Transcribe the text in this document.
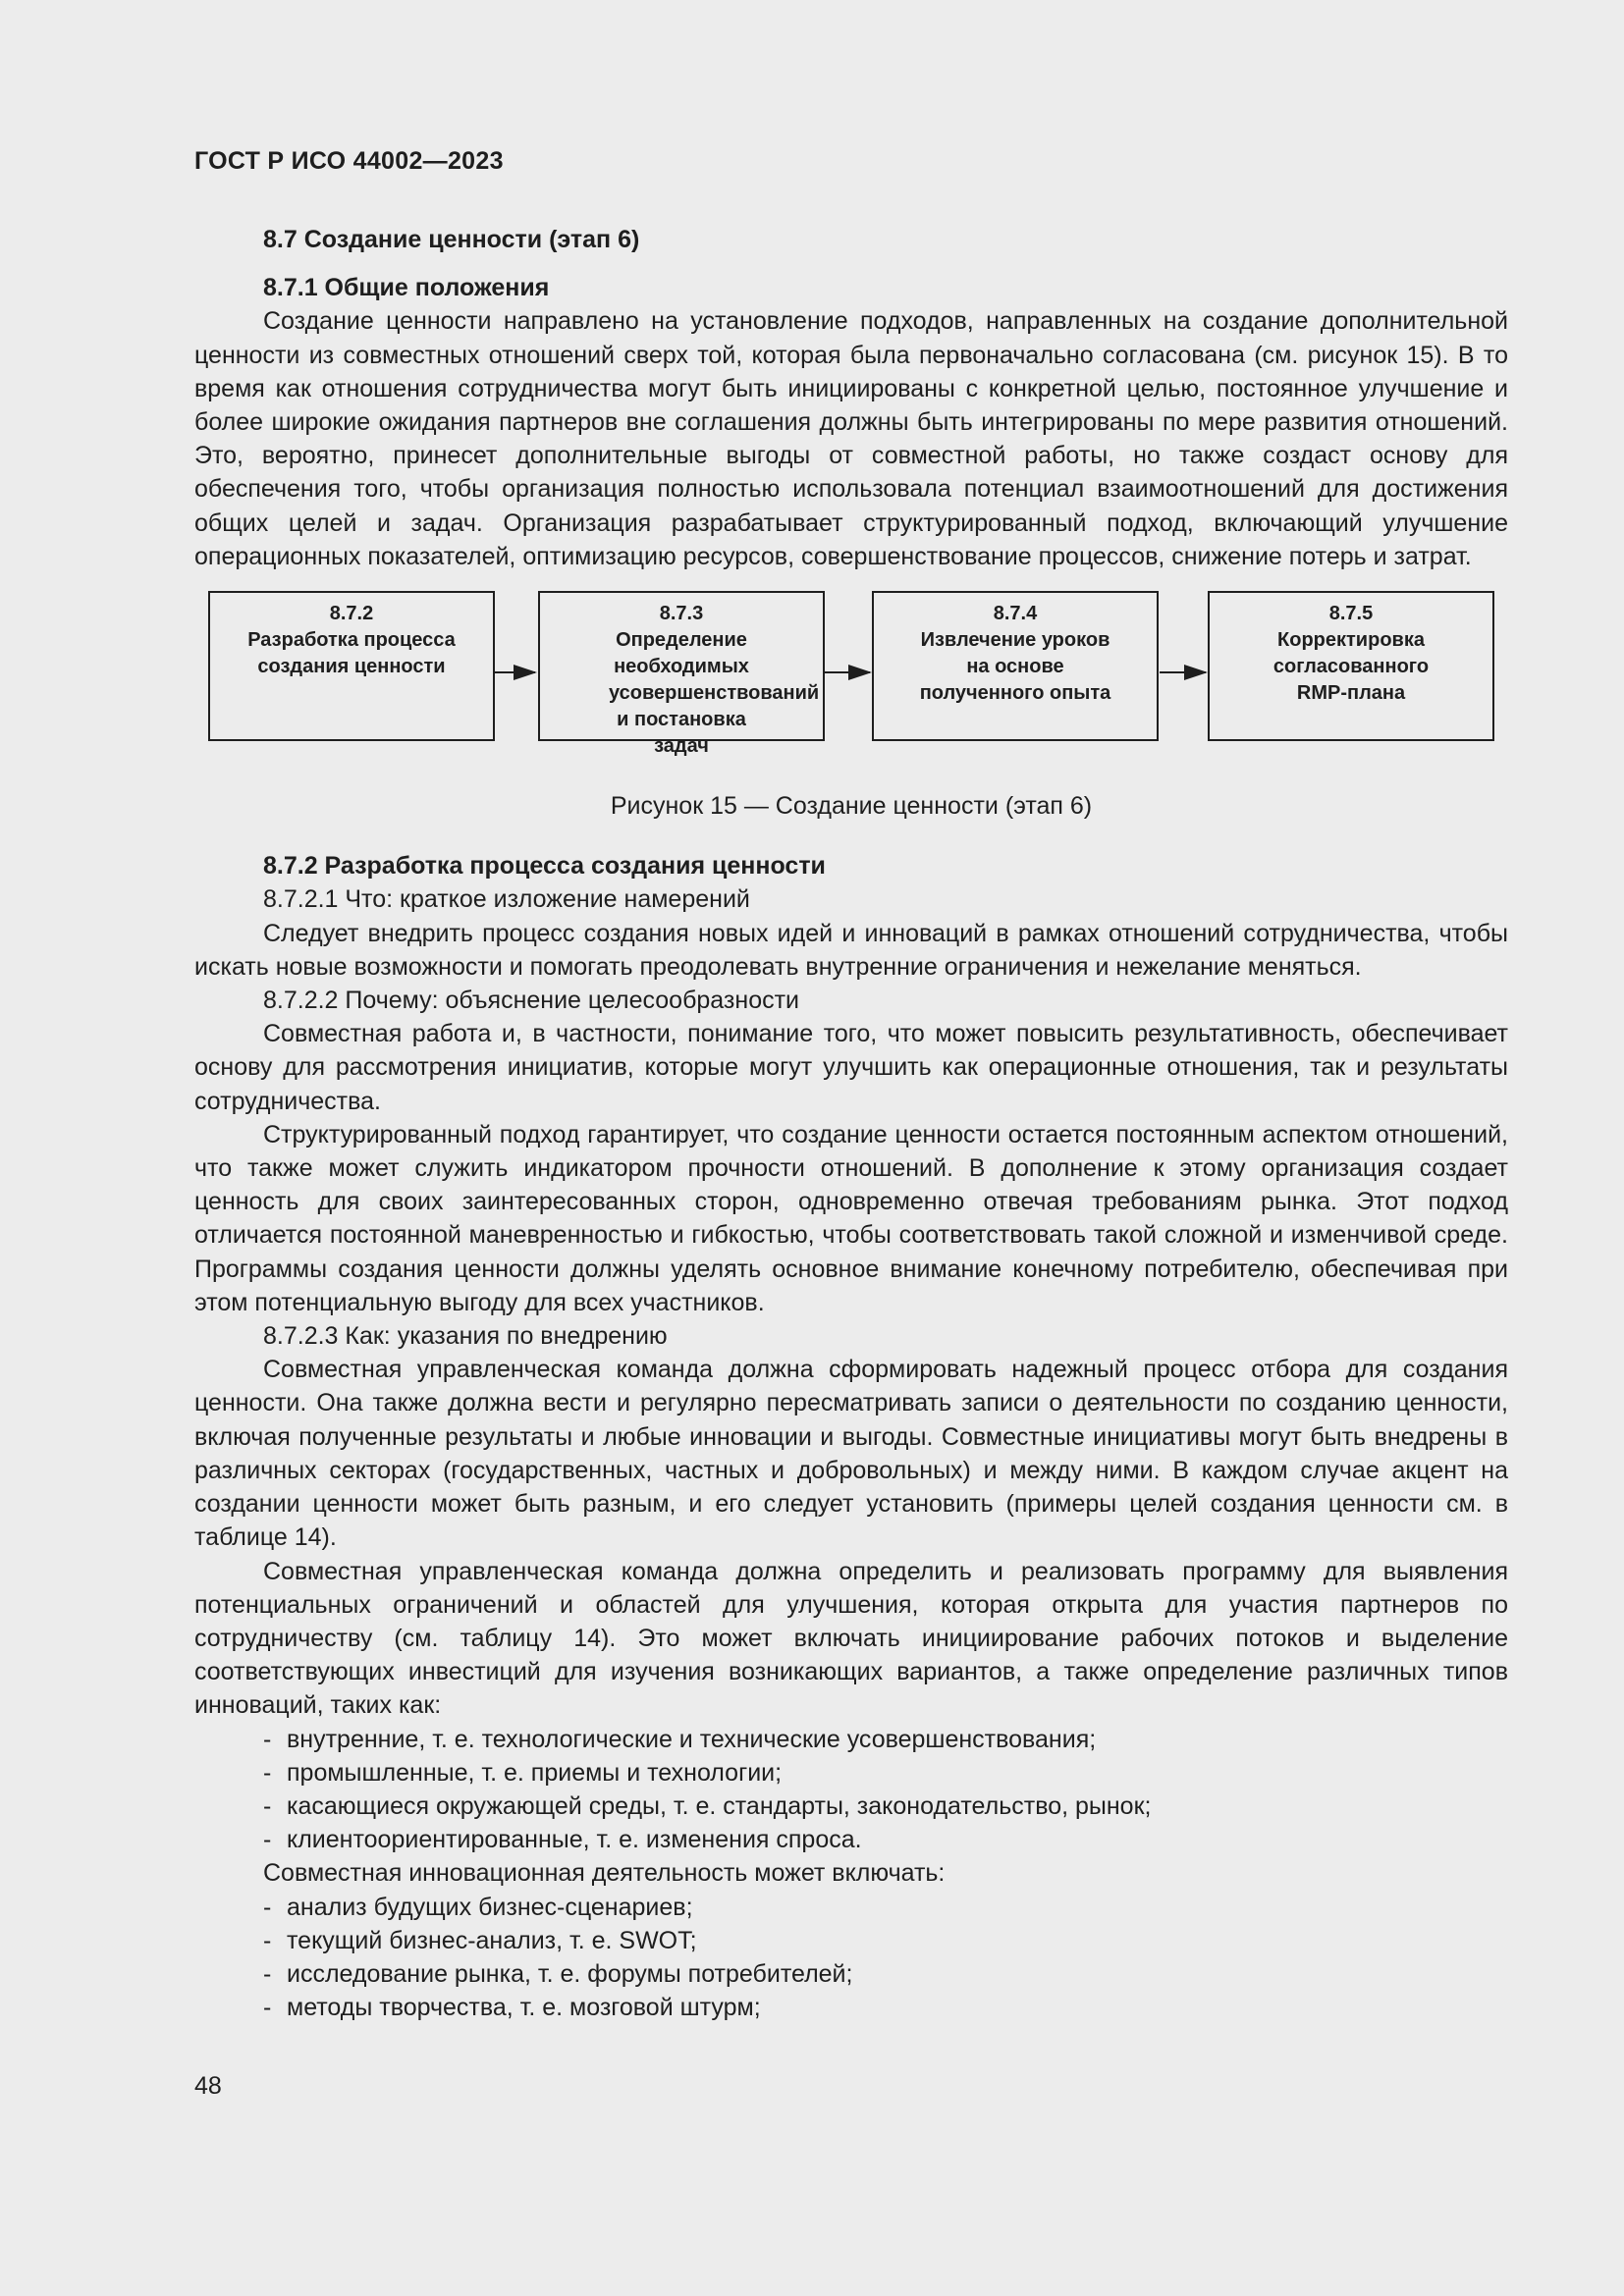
ГОСТ Р ИСО 44002—2023
8.7 Создание ценности (этап 6)
8.7.1 Общие положения

Создание ценности направлено на установление подходов, направленных на создание дополнительной ценности из совместных отношений сверх той, которая была первоначально согласована (см. рисунок 15). В то время как отношения сотрудничества могут быть инициированы с конкретной целью, постоянное улучшение и более широкие ожидания партнеров вне соглашения должны быть интегрированы по мере развития отношений. Это, вероятно, принесет дополнительные выгоды от совместной работы, но также создаст основу для обеспечения того, чтобы организация полностью использовала потенциал взаимоотношений для достижения общих целей и задач. Организация разрабатывает структурированный подход, включающий улучшение операционных показателей, оптимизацию ресурсов, совершенствование процессов, снижение потерь и затрат.

8.7.2
Разработка процесса создания ценности
8.7.3
Определение необходимых усовершенствований и постановка задач
8.7.4
Извлечение уроков на основе полученного опыта
8.7.5
Корректировка согласованного RMP-плана

Рисунок 15 — Создание ценности (этап 6)

8.7.2 Разработка процесса создания ценности
8.7.2.1 Что: краткое изложение намерений

Следует внедрить процесс создания новых идей и инноваций в рамках отношений сотрудничества, чтобы искать новые возможности и помогать преодолевать внутренние ограничения и нежелание меняться.

8.7.2.2 Почему: объяснение целесообразности

Совместная работа и, в частности, понимание того, что может повысить результативность, обеспечивает основу для рассмотрения инициатив, которые могут улучшить как операционные отношения, так и результаты сотрудничества.

Структурированный подход гарантирует, что создание ценности остается постоянным аспектом отношений, что также может служить индикатором прочности отношений. В дополнение к этому организация создает ценность для своих заинтересованных сторон, одновременно отвечая требованиям рынка. Этот подход отличается постоянной маневренностью и гибкостью, чтобы соответствовать такой сложной и изменчивой среде. Программы создания ценности должны уделять основное внимание конечному потребителю, обеспечивая при этом потенциальную выгоду для всех участников.

8.7.2.3 Как: указания по внедрению

Совместная управленческая команда должна сформировать надежный процесс отбора для создания ценности. Она также должна вести и регулярно пересматривать записи о деятельности по созданию ценности, включая полученные результаты и любые инновации и выгоды. Совместные инициативы могут быть внедрены в различных секторах (государственных, частных и добровольных) и между ними. В каждом случае акцент на создании ценности может быть разным, и его следует установить (примеры целей создания ценности см. в таблице 14).

Совместная управленческая команда должна определить и реализовать программу для выявления потенциальных ограничений и областей для улучшения, которая открыта для участия партнеров по сотрудничеству (см. таблицу 14). Это может включать инициирование рабочих потоков и выделение соответствующих инвестиций для изучения возникающих вариантов, а также определение различных типов инноваций, таких как:

- внутренние, т. е. технологические и технические усовершенствования;
- промышленные, т. е. приемы и технологии;
- касающиеся окружающей среды, т. е. стандарты, законодательство, рынок;
- клиентоориентированные, т. е. изменения спроса.
Совместная инновационная деятельность может включать:
- анализ будущих бизнес-сценариев;
- текущий бизнес-анализ, т. е. SWOT;
- исследование рынка, т. е. форумы потребителей;
- методы творчества, т. е. мозговой штурм;
48
